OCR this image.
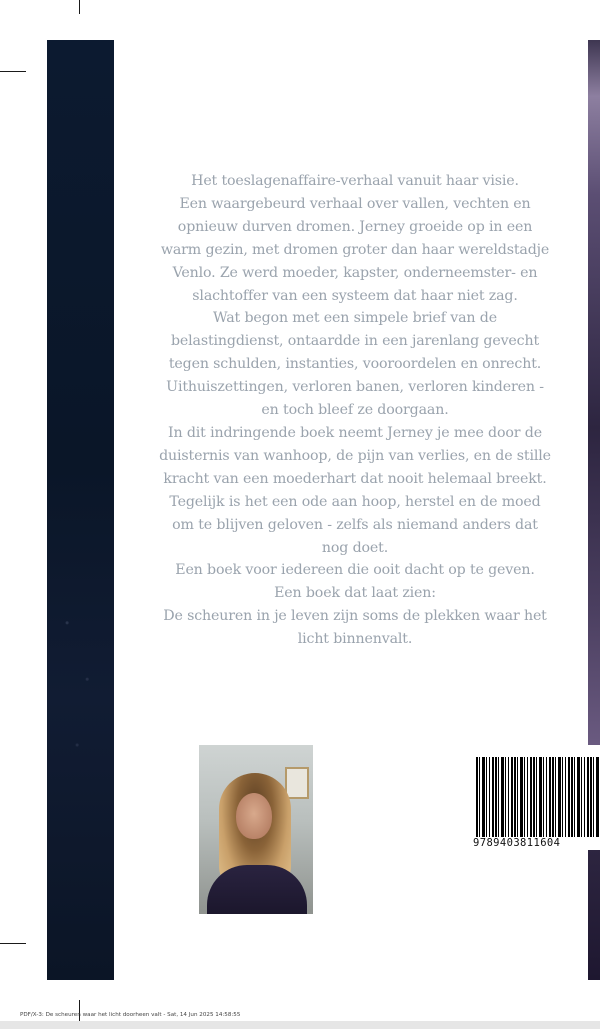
Het toeslagenaffaire-verhaal vanuit haar visie.
Een waargebeurd verhaal over vallen, vechten en
opnieuw durven dromen. Jerney groeide op in een
warm gezin, met dromen groter dan haar wereldstadje
Venlo. Ze werd moeder, kapster, onderneemster- en
slachtoffer van een systeem dat haar niet zag.
Wat begon met een simpele brief van de
belastingdienst, ontaardde in een jarenlang gevecht
tegen schulden, instanties, vooroordelen en onrecht.
Uithuiszettingen, verloren banen, verloren kinderen -
en toch bleef ze doorgaan.
In dit indringende boek neemt Jerney je mee door de
duisternis van wanhoop, de pijn van verlies, en de stille
kracht van een moederhart dat nooit helemaal breekt.
Tegelijk is het een ode aan hoop, herstel en de moed
om te blijven geloven - zelfs als niemand anders dat
nog doet.
Een boek voor iedereen die ooit dacht op te geven.
Een boek dat laat zien:
De scheuren in je leven zijn soms de plekken waar het
licht binnenvalt.
9789403811604
PDF/X-3: De scheuren waar het licht doorheen valt - Sat, 14 Jun 2025 14:58:55
